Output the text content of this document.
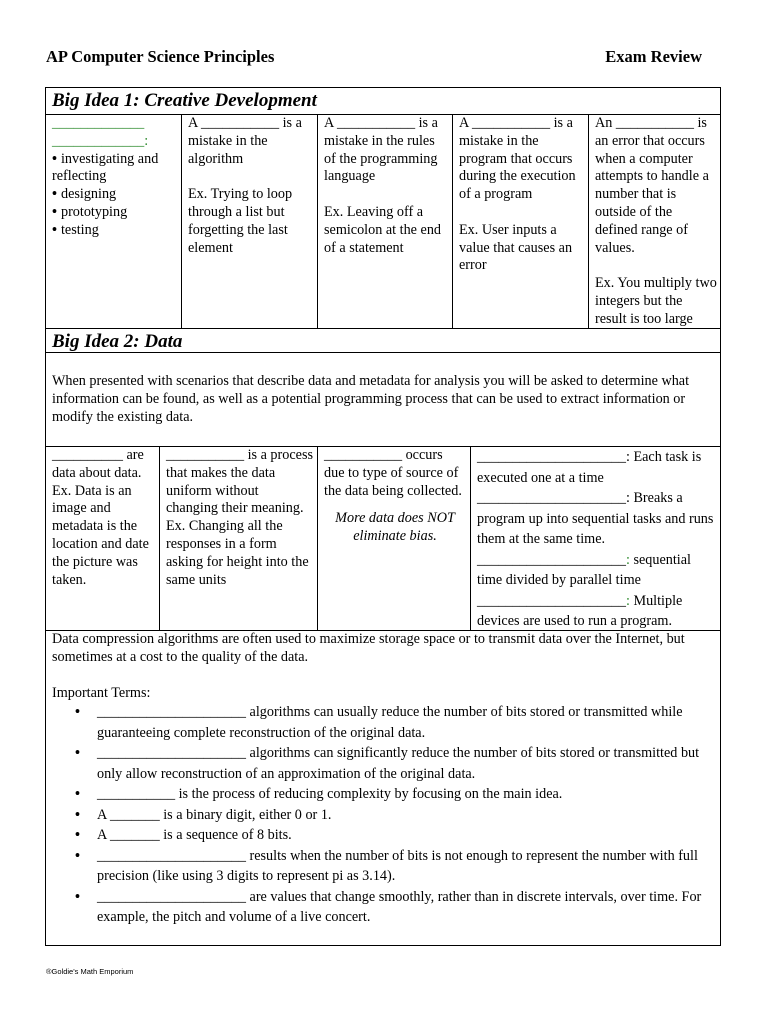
AP Computer Science Principles	Exam Review
Big Idea 1: Creative Development
_____________
_____________:
• investigating and reflecting
• designing
• prototyping
• testing
A ___________ is a mistake in the algorithm

Ex. Trying to loop through a list but forgetting the last element
A ___________ is a mistake in the rules of the programming language

Ex. Leaving off a semicolon at the end of a statement
A ___________ is a mistake in the program that occurs during the execution of a program

Ex. User inputs a value that causes an error
An ___________ is an error that occurs when a computer attempts to handle a number that is outside of the defined range of values.

Ex. You multiply two integers but the result is too large
Big Idea 2: Data
When presented with scenarios that describe data and metadata for analysis you will be asked to determine what information can be found, as well as a potential programming process that can be used to extract information or modify the existing data.
__________ are data about data. Ex. Data is an image and metadata is the location and date the picture was taken.
___________ is a process that makes the data uniform without changing their meaning.
Ex. Changing all the responses in a form asking for height into the same units
___________ occurs due to type of source of the data being collected.
More data does NOT eliminate bias.
_____________________: Each task is executed one at a time
_____________________: Breaks a program up into sequential tasks and runs them at the same time.
_____________________: sequential time divided by parallel time
_____________________: Multiple devices are used to run a program.
Data compression algorithms are often used to maximize storage space or to transmit data over the Internet, but sometimes at a cost to the quality of the data.
Important Terms:
• _____________________ algorithms can usually reduce the number of bits stored or transmitted while guaranteeing complete reconstruction of the original data.
• _____________________ algorithms can significantly reduce the number of bits stored or transmitted but only allow reconstruction of an approximation of the original data.
• ___________ is the process of reducing complexity by focusing on the main idea.
• A _______ is a binary digit, either 0 or 1.
• A _______ is a sequence of 8 bits.
• _____________________ results when the number of bits is not enough to represent the number with full precision (like using 3 digits to represent pi as 3.14).
• _____________________ are values that change smoothly, rather than in discrete intervals, over time. For example, the pitch and volume of a live concert.
®Goldie's Math Emporium
